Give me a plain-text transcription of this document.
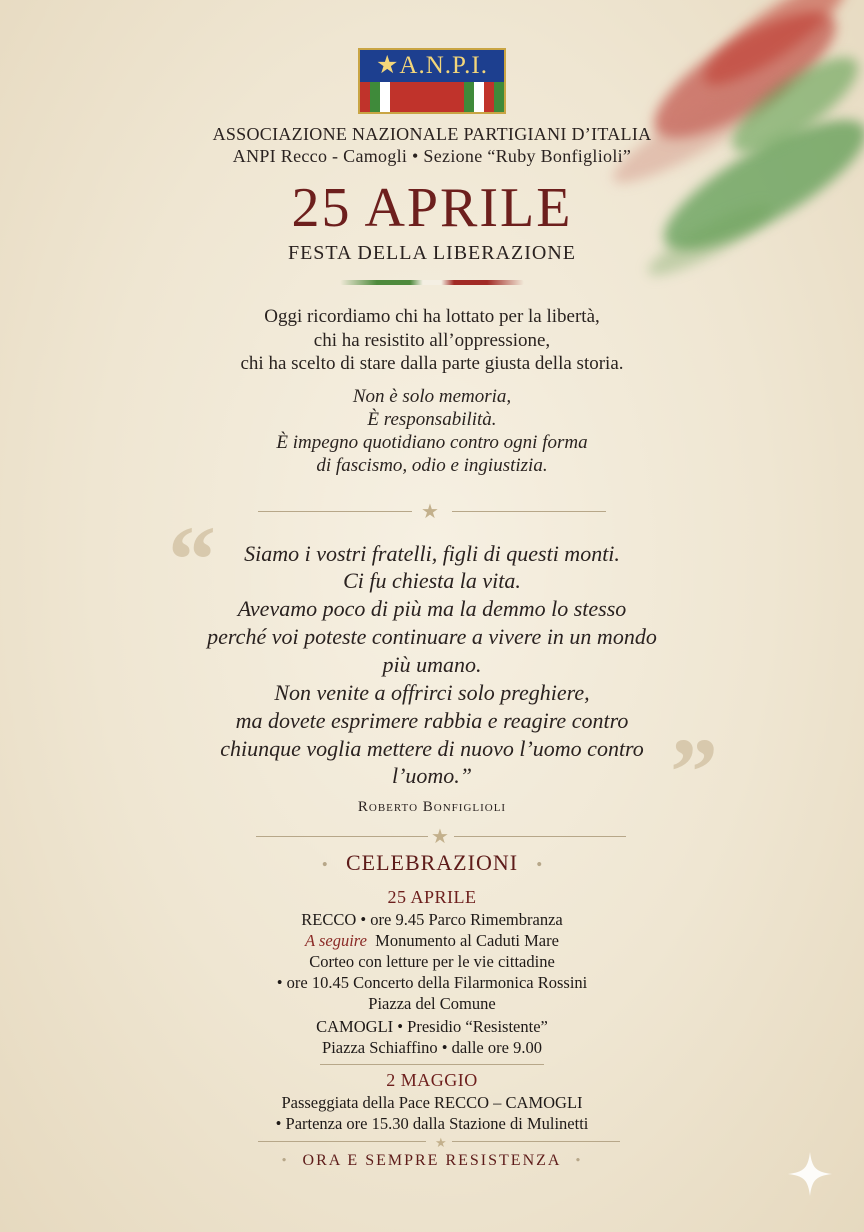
★A.N.P.I.
ASSOCIAZIONE NAZIONALE PARTIGIANI D’ITALIA
ANPI Recco - Camogli • Sezione “Ruby Bonfiglioli”
25 APRILE
FESTA DELLA LIBERAZIONE
Oggi ricordiamo chi ha lottato per la libertà,
chi ha resistito all’oppressione,
chi ha scelto di stare dalla parte giusta della storia.
Non è solo memoria,
È responsabilità.
È impegno quotidiano contro ogni forma
di fascismo, odio e ingiustizia.
★
“
”
Siamo i vostri fratelli, figli di questi monti.
Ci fu chiesta la vita.
Avevamo poco di più ma la demmo lo stesso
perché voi poteste continuare a vivere in un mondo
più umano.
Non venite a offrirci solo preghiere,
ma dovete esprimere rabbia e reagire contro
chiunque voglia mettere di nuovo l’uomo contro
l’uomo.”
Roberto Bonfiglioli
★
• CELEBRAZIONI •
25 APRILE
RECCO • ore 9.45 Parco Rimembranza
A seguire Monumento al Caduti Mare
Corteo con letture per le vie cittadine
• ore 10.45 Concerto della Filarmonica Rossini
Piazza del Comune
CAMOGLI • Presidio “Resistente”
Piazza Schiaffino • dalle ore 9.00
2 MAGGIO
Passeggiata della Pace RECCO – CAMOGLI
• Partenza ore 15.30 dalla Stazione di Mulinetti
★
• ORA E SEMPRE RESISTENZA •
